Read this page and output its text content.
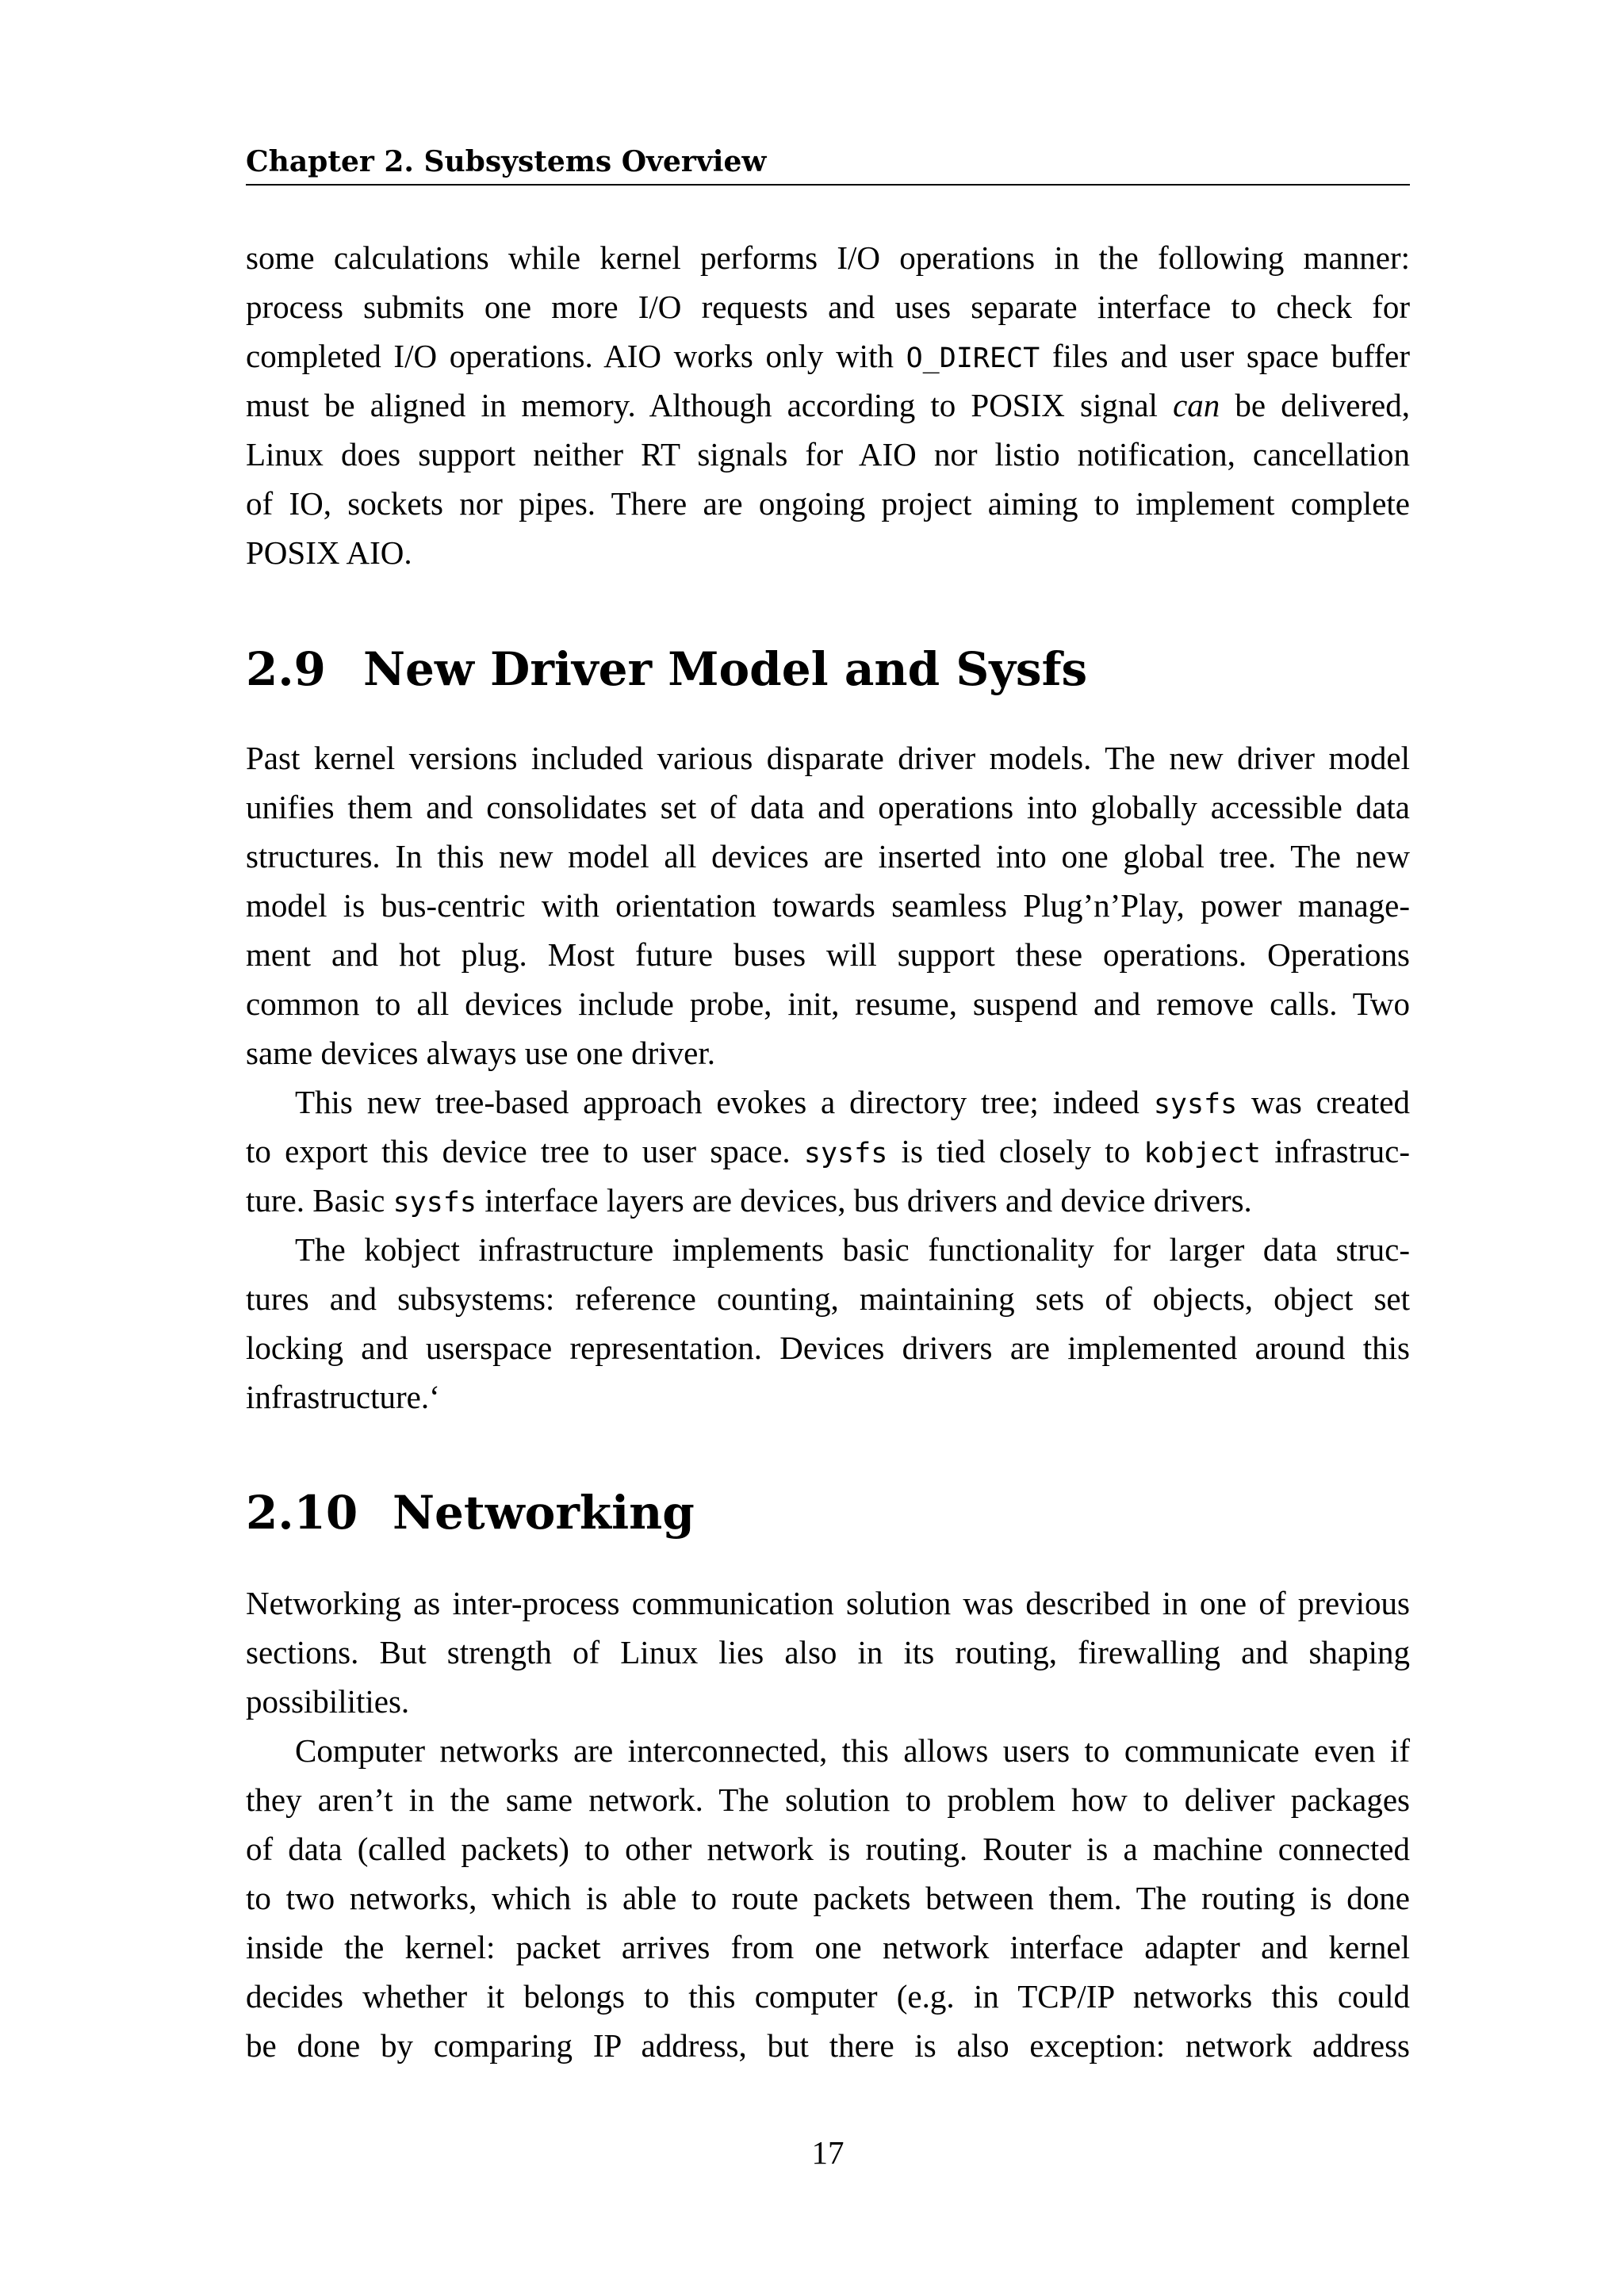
Chapter 2. Subsystems Overview
some calculations while kernel performs I/O operations in the following manner:
process submits one more I/O requests and uses separate interface to check for
completed I/O operations. AIO works only with O_DIRECT files and user space buffer
must be aligned in memory. Although according to POSIX signal can be delivered,
Linux does support neither RT signals for AIO nor listio notification, cancellation
of IO, sockets nor pipes. There are ongoing project aiming to implement complete
POSIX AIO.
2.9 New Driver Model and Sysfs
Past kernel versions included various disparate driver models. The new driver model
unifies them and consolidates set of data and operations into globally accessible data
structures. In this new model all devices are inserted into one global tree. The new
model is bus-centric with orientation towards seamless Plug’n’Play, power manage-
ment and hot plug. Most future buses will support these operations. Operations
common to all devices include probe, init, resume, suspend and remove calls. Two
same devices always use one driver.
This new tree-based approach evokes a directory tree; indeed sysfs was created
to export this device tree to user space. sysfs is tied closely to kobject infrastruc-
ture. Basic sysfs interface layers are devices, bus drivers and device drivers.
The kobject infrastructure implements basic functionality for larger data struc-
tures and subsystems: reference counting, maintaining sets of objects, object set
locking and userspace representation. Devices drivers are implemented around this
infrastructure.‘
2.10 Networking
Networking as inter-process communication solution was described in one of previous
sections. But strength of Linux lies also in its routing, firewalling and shaping
possibilities.
Computer networks are interconnected, this allows users to communicate even if
they aren’t in the same network. The solution to problem how to deliver packages
of data (called packets) to other network is routing. Router is a machine connected
to two networks, which is able to route packets between them. The routing is done
inside the kernel: packet arrives from one network interface adapter and kernel
decides whether it belongs to this computer (e.g. in TCP/IP networks this could
be done by comparing IP address, but there is also exception: network address
17
